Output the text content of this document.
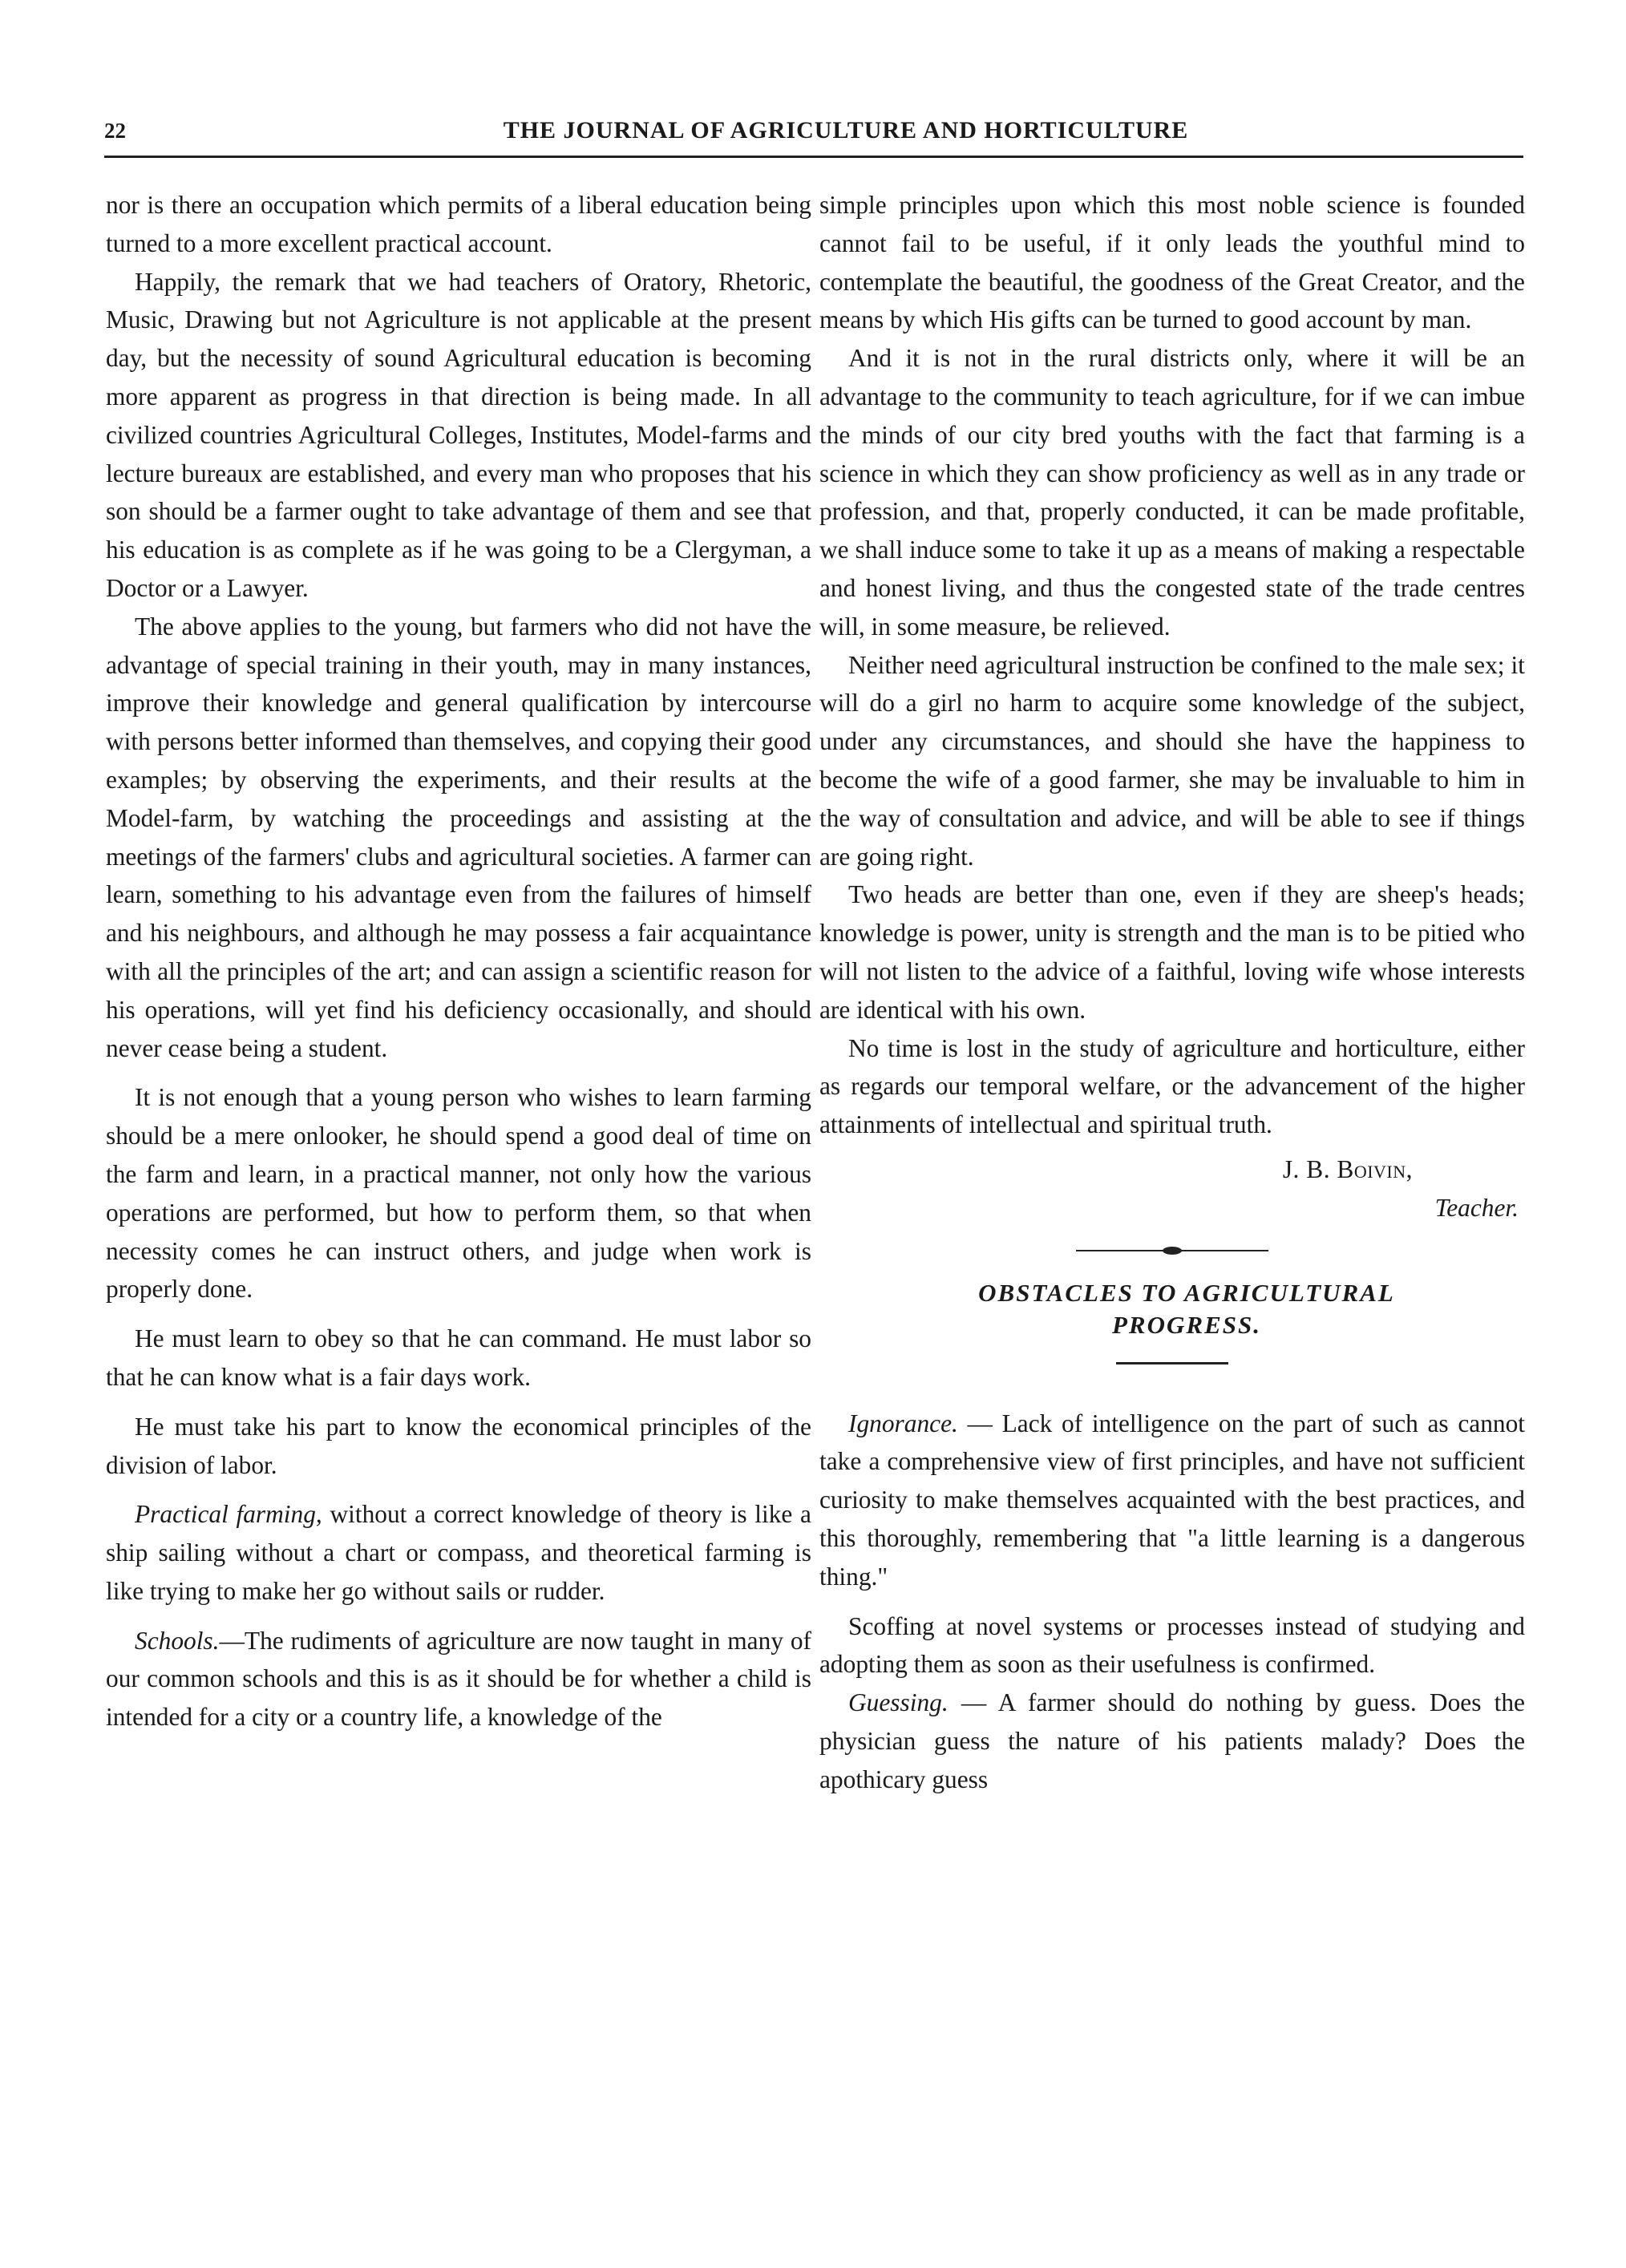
22	THE JOURNAL OF AGRICULTURE AND HORTICULTURE

nor is there an occupation which permits of a liberal education being turned to a more excellent practical account.

Happily, the remark that we had teachers of Oratory, Rhetoric, Music, Drawing but not Agriculture is not applicable at the present day, but the necessity of sound Agricultural education is becoming more apparent as progress in that direction is being made. In all civilized countries Agricultural Colleges, Institutes, Model-farms and lecture bureaux are established, and every man who proposes that his son should be a farmer ought to take advantage of them and see that his education is as complete as if he was going to be a Clergyman, a Doctor or a Lawyer.

The above applies to the young, but farmers who did not have the advantage of special training in their youth, may in many instances, improve their knowledge and general qualification by intercourse with persons better informed than themselves, and copying their good examples; by observing the experiments, and their results at the Model-farm, by watching the proceedings and assisting at the meetings of the farmers' clubs and agricultural societies. A farmer can learn, something to his advantage even from the failures of himself and his neighbours, and although he may possess a fair acquaintance with all the principles of the art; and can assign a scientific reason for his operations, will yet find his deficiency occasionally, and should never cease being a student.

It is not enough that a young person who wishes to learn farming should be a mere onlooker, he should spend a good deal of time on the farm and learn, in a practical manner, not only how the various operations are performed, but how to perform them, so that when necessity comes he can instruct others, and judge when work is properly done.

He must learn to obey so that he can command. He must labor so that he can know what is a fair days work.

He must take his part to know the economical principles of the division of labor.

Practical farming, without a correct knowledge of theory is like a ship sailing without a chart or compass, and theoretical farming is like trying to make her go without sails or rudder.

Schools.—The rudiments of agriculture are now taught in many of our common schools and this is as it should be for whether a child is intended for a city or a country life, a knowledge of the

simple principles upon which this most noble science is founded cannot fail to be useful, if it only leads the youthful mind to contemplate the beautiful, the goodness of the Great Creator, and the means by which His gifts can be turned to good account by man.

And it is not in the rural districts only, where it will be an advantage to the community to teach agriculture, for if we can imbue the minds of our city bred youths with the fact that farming is a science in which they can show proficiency as well as in any trade or profession, and that, properly conducted, it can be made profitable, we shall induce some to take it up as a means of making a respectable and honest living, and thus the congested state of the trade centres will, in some measure, be relieved.

Neither need agricultural instruction be confined to the male sex; it will do a girl no harm to acquire some knowledge of the subject, under any circumstances, and should she have the happiness to become the wife of a good farmer, she may be invaluable to him in the way of consultation and advice, and will be able to see if things are going right.

Two heads are better than one, even if they are sheep's heads; knowledge is power, unity is strength and the man is to be pitied who will not listen to the advice of a faithful, loving wife whose interests are identical with his own.

No time is lost in the study of agriculture and horticulture, either as regards our temporal welfare, or the advancement of the higher attainments of intellectual and spiritual truth.

J. B. Boivin,
Teacher.

OBSTACLES TO AGRICULTURAL

PROGRESS.

Ignorance. — Lack of intelligence on the part of such as cannot take a comprehensive view of first principles, and have not sufficient curiosity to make themselves acquainted with the best practices, and this thoroughly, remembering that "a little learning is a dangerous thing."

Scoffing at novel systems or processes instead of studying and adopting them as soon as their usefulness is confirmed.

Guessing. — A farmer should do nothing by guess. Does the physician guess the nature of his patients malady? Does the apothicary guess
